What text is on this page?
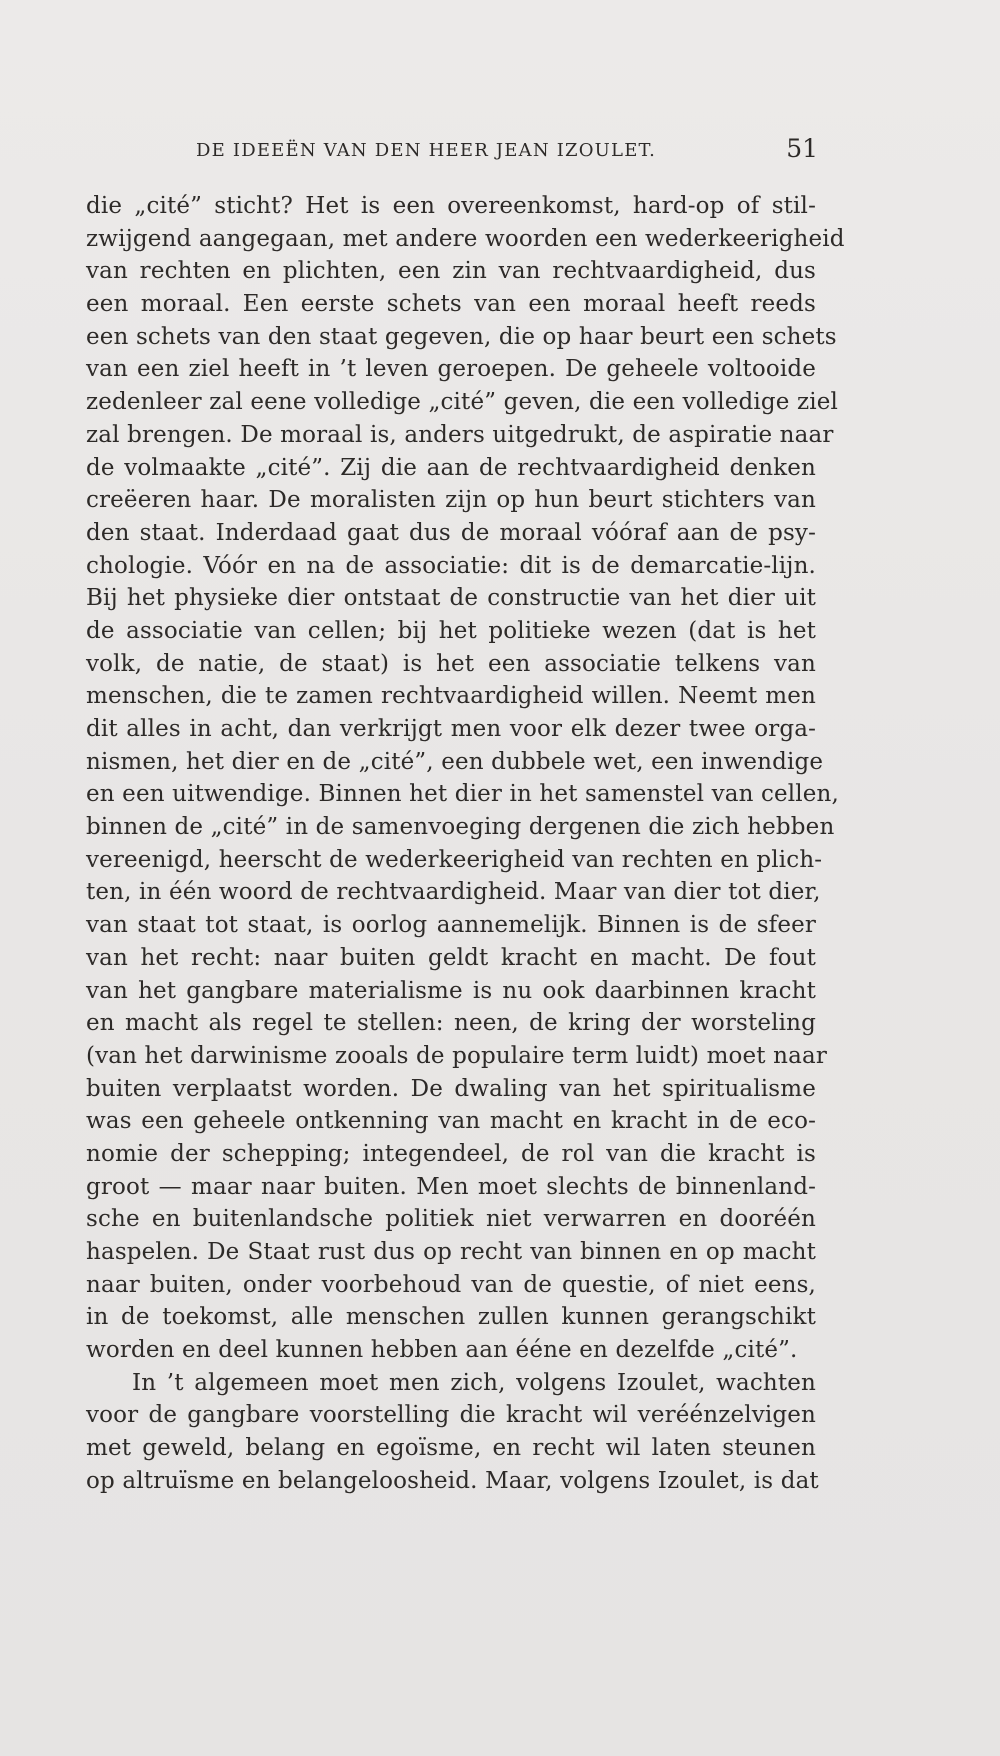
DE IDEEËN VAN DEN HEER JEAN IZOULET.	51
die „cité” sticht? Het is een overeenkomst, hard-op of stil-
zwijgend aangegaan, met andere woorden een wederkeerigheid
van rechten en plichten, een zin van rechtvaardigheid, dus
een moraal. Een eerste schets van een moraal heeft reeds
een schets van den staat gegeven, die op haar beurt een schets
van een ziel heeft in ’t leven geroepen. De geheele voltooide
zedenleer zal eene volledige „cité” geven, die een volledige ziel
zal brengen. De moraal is, anders uitgedrukt, de aspiratie naar
de volmaakte „cité”. Zij die aan de rechtvaardigheid denken
creëeren haar. De moralisten zijn op hun beurt stichters van
den staat. Inderdaad gaat dus de moraal vóóraf aan de psy-
chologie. Vóór en na de associatie: dit is de demarcatie-lijn.
Bij het physieke dier ontstaat de constructie van het dier uit
de associatie van cellen; bij het politieke wezen (dat is het
volk, de natie, de staat) is het een associatie telkens van
menschen, die te zamen rechtvaardigheid willen. Neemt men
dit alles in acht, dan verkrijgt men voor elk dezer twee orga-
nismen, het dier en de „cité”, een dubbele wet, een inwendige
en een uitwendige. Binnen het dier in het samenstel van cellen,
binnen de „cité” in de samenvoeging dergenen die zich hebben
vereenigd, heerscht de wederkeerigheid van rechten en plich-
ten, in één woord de rechtvaardigheid. Maar van dier tot dier,
van staat tot staat, is oorlog aannemelijk. Binnen is de sfeer
van het recht: naar buiten geldt kracht en macht. De fout
van het gangbare materialisme is nu ook daarbinnen kracht
en macht als regel te stellen: neen, de kring der worsteling
(van het darwinisme zooals de populaire term luidt) moet naar
buiten verplaatst worden. De dwaling van het spiritualisme
was een geheele ontkenning van macht en kracht in de eco-
nomie der schepping; integendeel, de rol van die kracht is
groot — maar naar buiten. Men moet slechts de binnenland-
sche en buitenlandsche politiek niet verwarren en dooréén
haspelen. De Staat rust dus op recht van binnen en op macht
naar buiten, onder voorbehoud van de questie, of niet eens,
in de toekomst, alle menschen zullen kunnen gerangschikt
worden en deel kunnen hebben aan ééne en dezelfde „cité”.
In ’t algemeen moet men zich, volgens Izoulet, wachten
voor de gangbare voorstelling die kracht wil veréénzelvigen
met geweld, belang en egoïsme, en recht wil laten steunen
op altruïsme en belangeloosheid. Maar, volgens Izoulet, is dat
